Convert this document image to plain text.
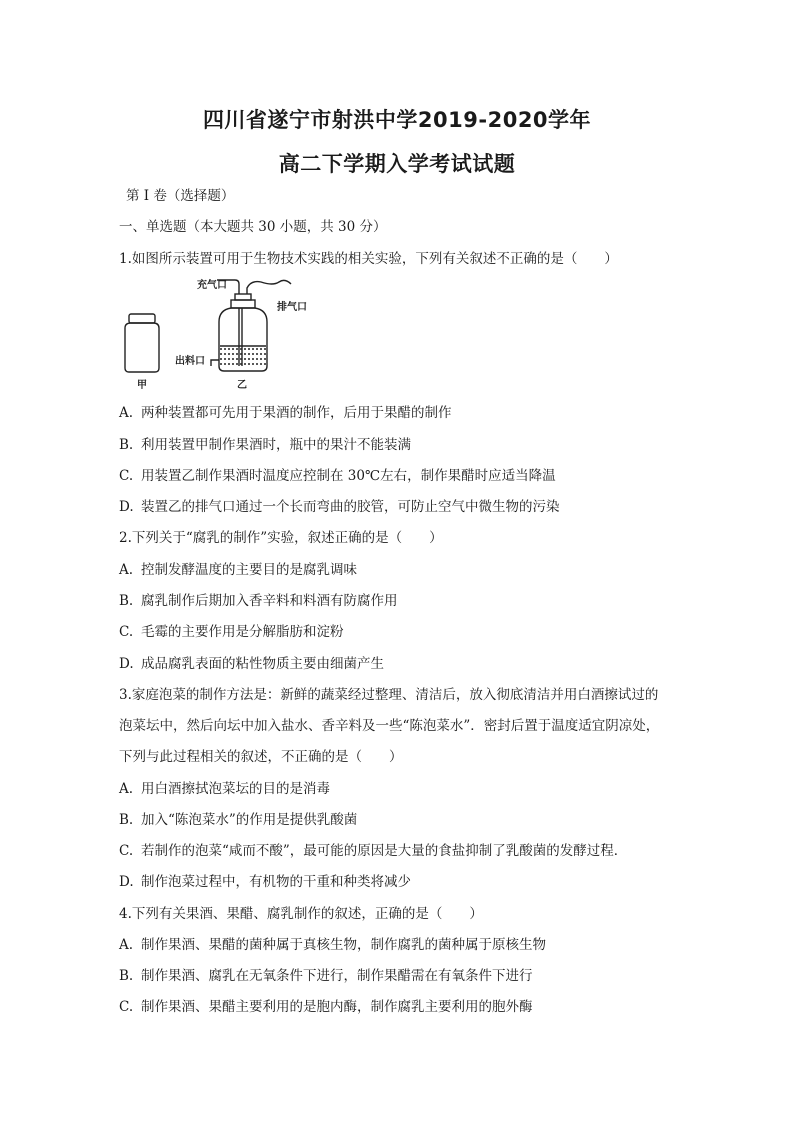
四川省遂宁市射洪中学2019-2020学年
高二下学期入学考试试题
第 I 卷（选择题）
一、单选题（本大题共 30 小题，共 30 分）
1.如图所示装置可用于生物技术实践的相关实验，下列有关叙述不正确的是（　　）
甲
充气口
排气口
出料口
乙
A. 两种装置都可先用于果酒的制作，后用于果醋的制作
B. 利用装置甲制作果酒时，瓶中的果汁不能装满
C. 用装置乙制作果酒时温度应控制在 30℃左右，制作果醋时应适当降温
D. 装置乙的排气口通过一个长而弯曲的胶管，可防止空气中微生物的污染
2.下列关于“腐乳的制作”实验，叙述正确的是（　　）
A. 控制发酵温度的主要目的是腐乳调味
B. 腐乳制作后期加入香辛料和料酒有防腐作用
C. 毛霉的主要作用是分解脂肪和淀粉
D. 成品腐乳表面的粘性物质主要由细菌产生
3.家庭泡菜的制作方法是：新鲜的蔬菜经过整理、清洁后，放入彻底清洁并用白酒擦试过的
泡菜坛中，然后向坛中加入盐水、香辛料及一些“陈泡菜水”．密封后置于温度适宜阴凉处，
下列与此过程相关的叙述，不正确的是（　　）
A. 用白酒擦拭泡菜坛的目的是消毒
B. 加入“陈泡菜水”的作用是提供乳酸菌
C. 若制作的泡菜“咸而不酸”，最可能的原因是大量的食盐抑制了乳酸菌的发酵过程．
D. 制作泡菜过程中，有机物的干重和种类将减少
4.下列有关果酒、果醋、腐乳制作的叙述，正确的是（　　）
A. 制作果酒、果醋的菌种属于真核生物，制作腐乳的菌种属于原核生物
B. 制作果酒、腐乳在无氧条件下进行，制作果醋需在有氧条件下进行
C. 制作果酒、果醋主要利用的是胞内酶，制作腐乳主要利用的胞外酶
